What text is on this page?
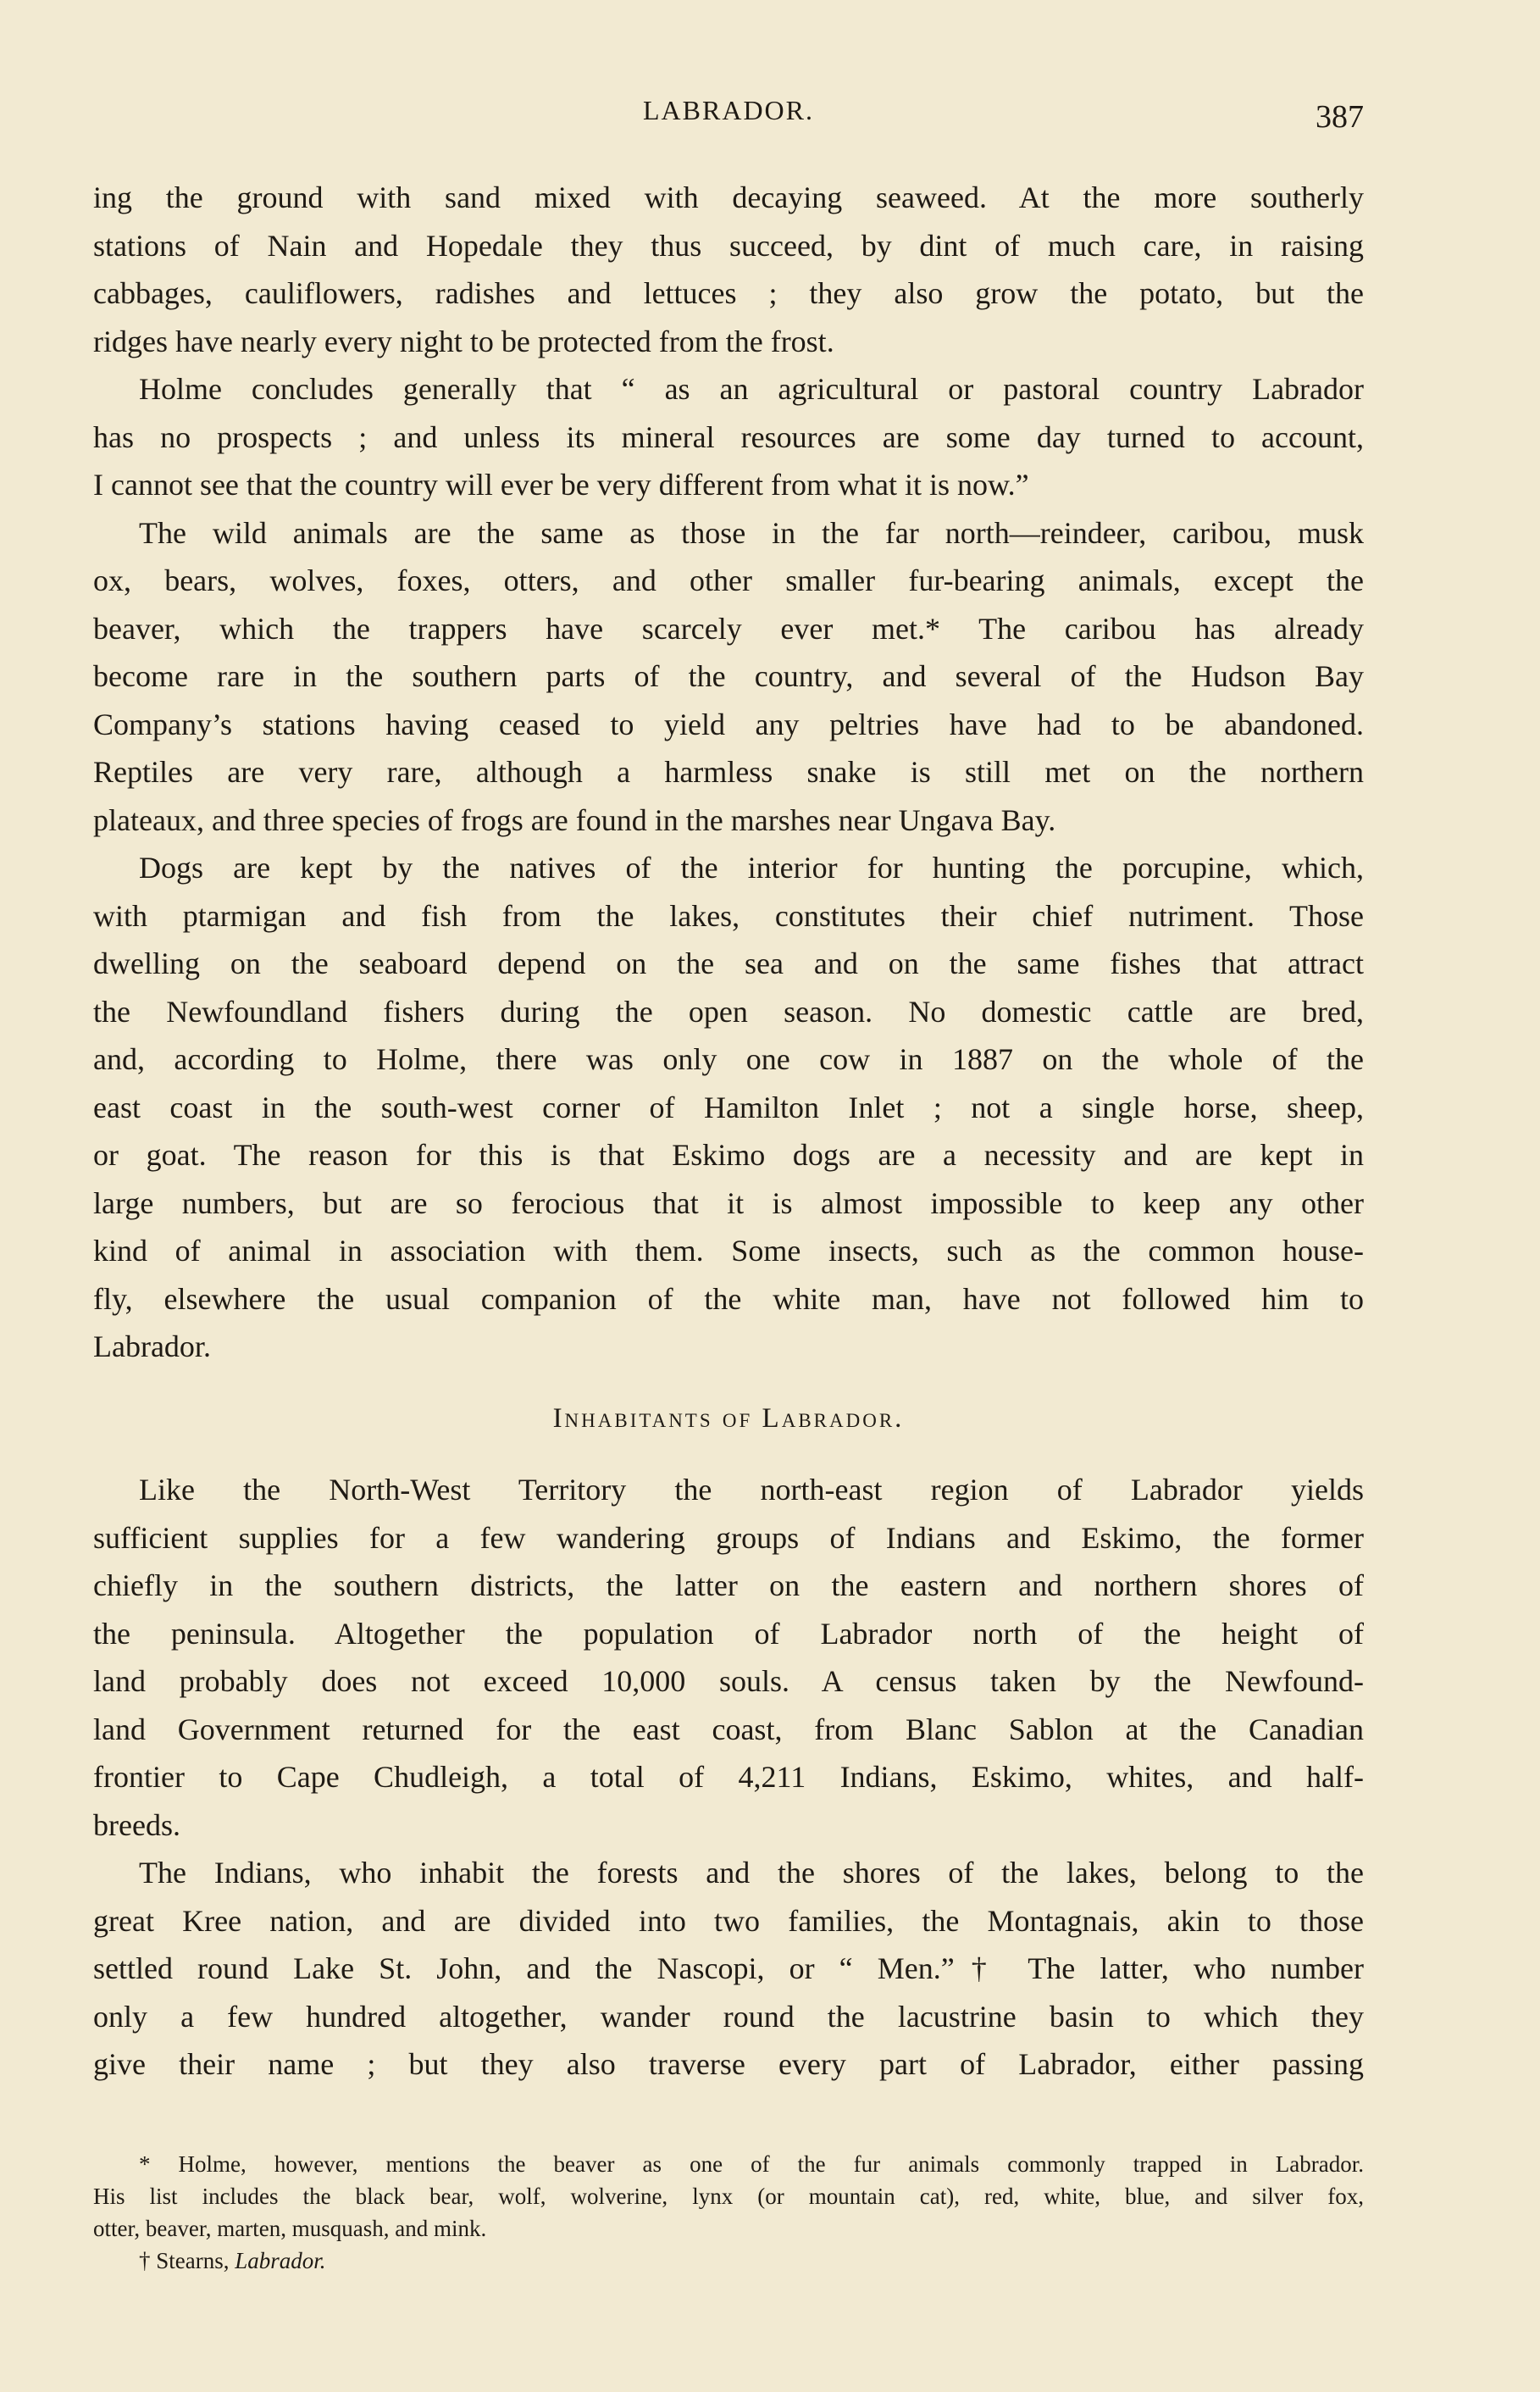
LABRADOR.	387
ing the ground with sand mixed with decaying seaweed. At the more southerly
stations of Nain and Hopedale they thus succeed, by dint of much care, in raising
cabbages, cauliflowers, radishes and lettuces ; they also grow the potato, but the
ridges have nearly every night to be protected from the frost.
Holme concludes generally that “ as an agricultural or pastoral country Labrador
has no prospects ; and unless its mineral resources are some day turned to account,
I cannot see that the country will ever be very different from what it is now.”
The wild animals are the same as those in the far north—reindeer, caribou, musk
ox, bears, wolves, foxes, otters, and other smaller fur-bearing animals, except the
beaver, which the trappers have scarcely ever met.* The caribou has already
become rare in the southern parts of the country, and several of the Hudson Bay
Company’s stations having ceased to yield any peltries have had to be abandoned.
Reptiles are very rare, although a harmless snake is still met on the northern
plateaux, and three species of frogs are found in the marshes near Ungava Bay.
Dogs are kept by the natives of the interior for hunting the porcupine, which,
with ptarmigan and fish from the lakes, constitutes their chief nutriment. Those
dwelling on the seaboard depend on the sea and on the same fishes that attract
the Newfoundland fishers during the open season. No domestic cattle are bred,
and, according to Holme, there was only one cow in 1887 on the whole of the
east coast in the south-west corner of Hamilton Inlet ; not a single horse, sheep,
or goat. The reason for this is that Eskimo dogs are a necessity and are kept in
large numbers, but are so ferocious that it is almost impossible to keep any other
kind of animal in association with them. Some insects, such as the common house-
fly, elsewhere the usual companion of the white man, have not followed him to
Labrador.
Inhabitants of Labrador.
Like the North-West Territory the north-east region of Labrador yields
sufficient supplies for a few wandering groups of Indians and Eskimo, the former
chiefly in the southern districts, the latter on the eastern and northern shores of
the peninsula. Altogether the population of Labrador north of the height of
land probably does not exceed 10,000 souls. A census taken by the Newfound-
land Government returned for the east coast, from Blanc Sablon at the Canadian
frontier to Cape Chudleigh, a total of 4,211 Indians, Eskimo, whites, and half-
breeds.
The Indians, who inhabit the forests and the shores of the lakes, belong to the
great Kree nation, and are divided into two families, the Montagnais, akin to those
settled round Lake St. John, and the Nascopi, or “ Men.”† The latter, who number
only a few hundred altogether, wander round the lacustrine basin to which they
give their name ; but they also traverse every part of Labrador, either passing
* Holme, however, mentions the beaver as one of the fur animals commonly trapped in Labrador.
His list includes the black bear, wolf, wolverine, lynx (or mountain cat), red, white, blue, and silver fox,
otter, beaver, marten, musquash, and mink.
† Stearns, Labrador.
